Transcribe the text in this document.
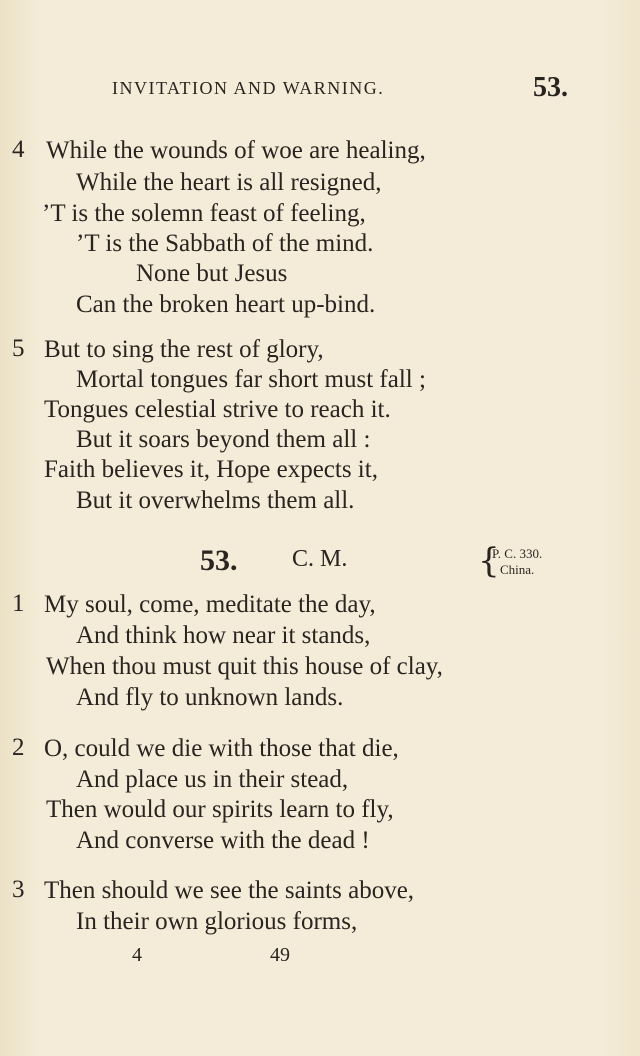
INVITATION AND WARNING.	53.
4 While the wounds of woe are healing,
While the heart is all resigned,
’T is the solemn feast of feeling,
’T is the Sabbath of the mind.
None but Jesus
Can the broken heart up-bind.
5 But to sing the rest of glory,
Mortal tongues far short must fall ;
Tongues celestial strive to reach it.
But it soars beyond them all :
Faith believes it, Hope expects it,
But it overwhelms them all.
53. C. M.	{
P. C. 330.
China.
1 My soul, come, meditate the day,
And think how near it stands,
When thou must quit this house of clay,
And fly to unknown lands.
2 O, could we die with those that die,
And place us in their stead,
Then would our spirits learn to fly,
And converse with the dead !
3 Then should we see the saints above,
In their own glorious forms,
4	49
